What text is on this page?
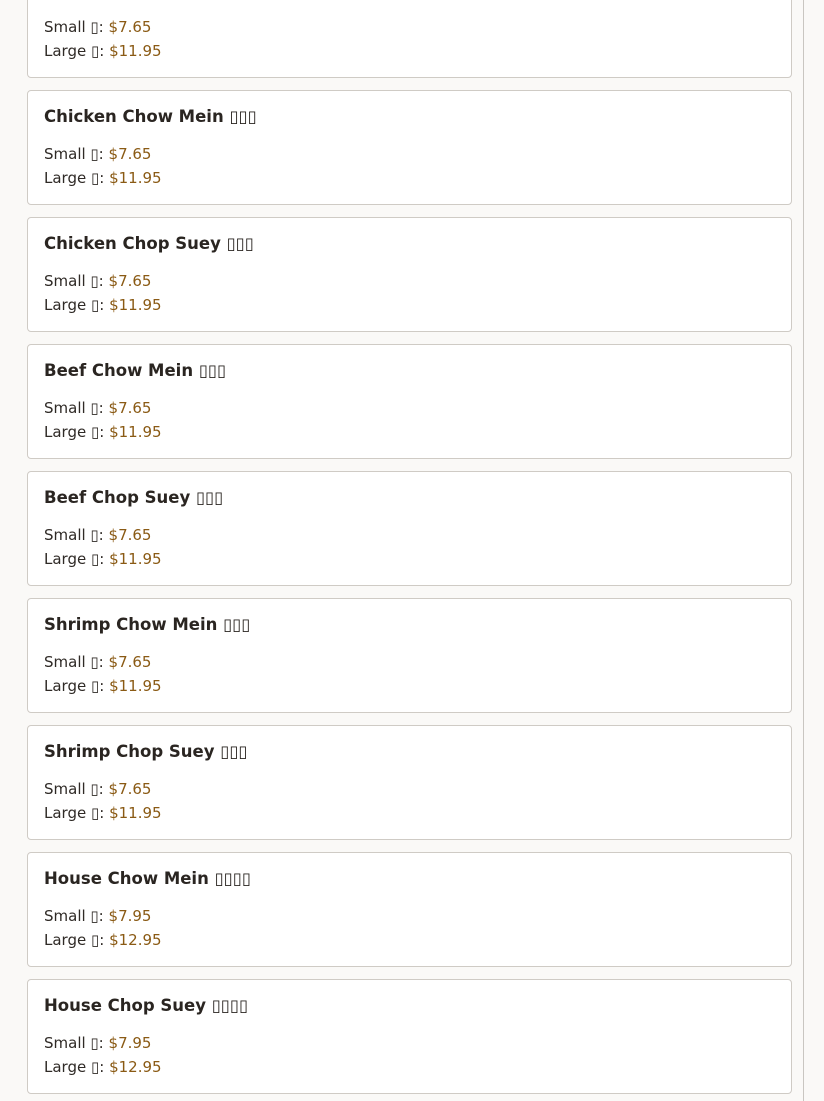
Small ▯: $7.65
Large ▯: $11.95
Chicken Chow Mein ▯▯▯
Small ▯: $7.65
Large ▯: $11.95
Chicken Chop Suey ▯▯▯
Small ▯: $7.65
Large ▯: $11.95
Beef Chow Mein ▯▯▯
Small ▯: $7.65
Large ▯: $11.95
Beef Chop Suey ▯▯▯
Small ▯: $7.65
Large ▯: $11.95
Shrimp Chow Mein ▯▯▯
Small ▯: $7.65
Large ▯: $11.95
Shrimp Chop Suey ▯▯▯
Small ▯: $7.65
Large ▯: $11.95
House Chow Mein ▯▯▯▯
Small ▯: $7.95
Large ▯: $12.95
House Chop Suey ▯▯▯▯
Small ▯: $7.95
Large ▯: $12.95
